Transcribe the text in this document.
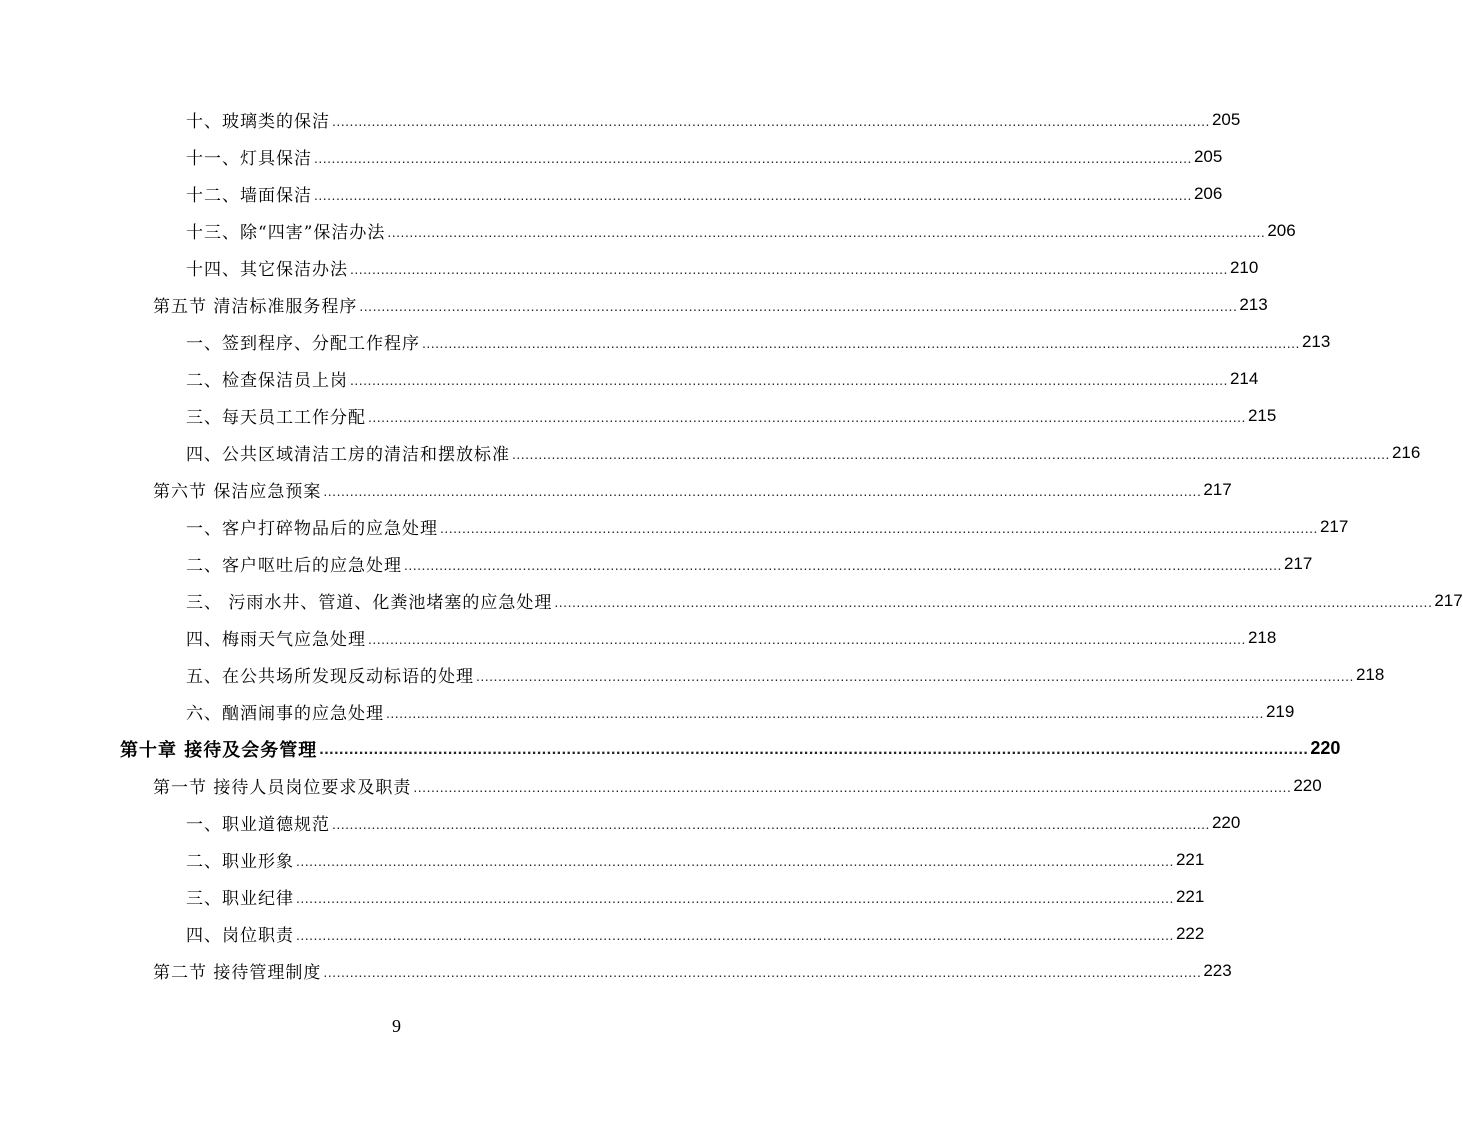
十、玻璃类的保洁 ........................................................................................................................................................................................................ 205
十一、灯具保洁 ........................................................................................................................................................................................................ 205
十二、墙面保洁 ........................................................................................................................................................................................................ 206
十三、除“四害”保洁办法 ........................................................................................................................................................................................................ 206
十四、其它保洁办法 ........................................................................................................................................................................................................ 210
第五节 清洁标准服务程序 ........................................................................................................................................................................................................ 213
一、签到程序、分配工作程序 ........................................................................................................................................................................................................ 213
二、检查保洁员上岗 ........................................................................................................................................................................................................ 214
三、每天员工工作分配 ........................................................................................................................................................................................................ 215
四、公共区域清洁工房的清洁和摆放标准 ........................................................................................................................................................................................................ 216
第六节 保洁应急预案 ........................................................................................................................................................................................................ 217
一、客户打碎物品后的应急处理 ........................................................................................................................................................................................................ 217
二、客户呕吐后的应急处理 ........................................................................................................................................................................................................ 217
三、 污雨水井、管道、化粪池堵塞的应急处理 ........................................................................................................................................................................................................ 217
四、梅雨天气应急处理 ........................................................................................................................................................................................................ 218
五、在公共场所发现反动标语的处理 ........................................................................................................................................................................................................ 218
六、酗酒闹事的应急处理 ........................................................................................................................................................................................................ 219
第十章 接待及会务管理 ........................................................................................................................................................................................................ 220
第一节 接待人员岗位要求及职责 ........................................................................................................................................................................................................ 220
一、职业道德规范 ........................................................................................................................................................................................................ 220
二、职业形象 ........................................................................................................................................................................................................ 221
三、职业纪律 ........................................................................................................................................................................................................ 221
四、岗位职责 ........................................................................................................................................................................................................ 222
第二节 接待管理制度 ........................................................................................................................................................................................................ 223
9
